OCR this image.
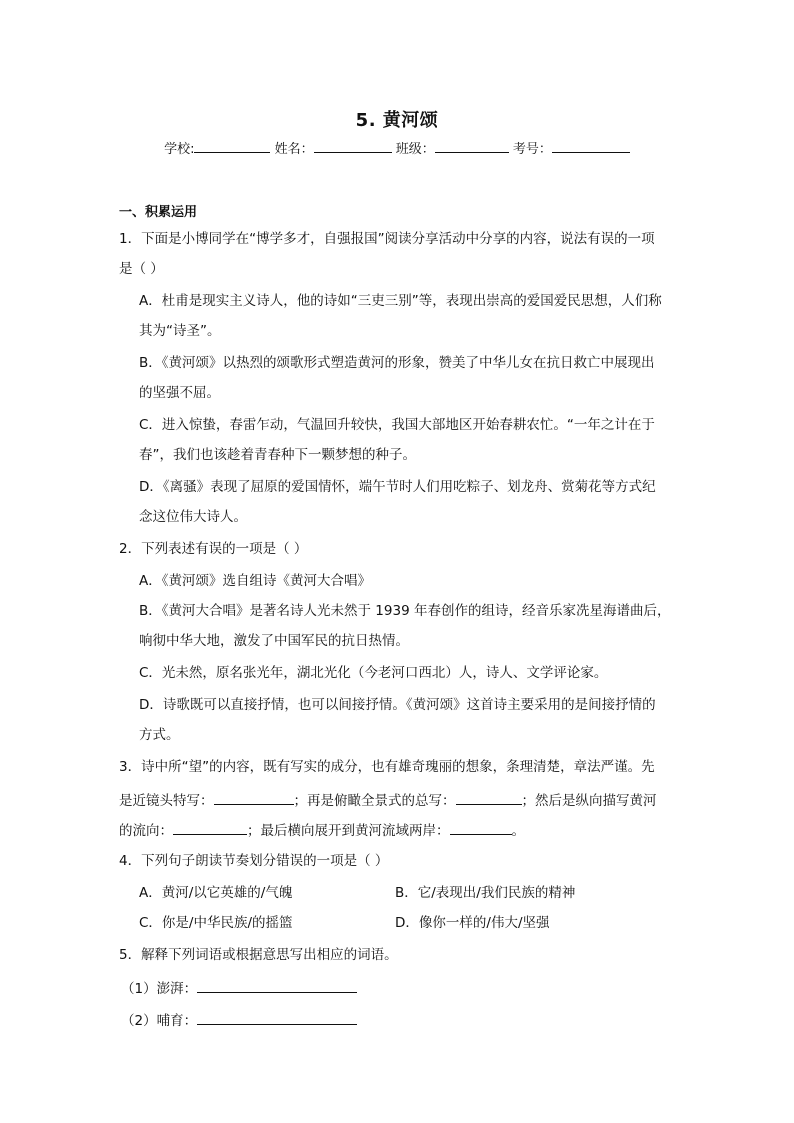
5. 黄河颂
学校:	姓名：	班级：	考号：
一、积累运用
1．下面是小博同学在“博学多才，自强报国”阅读分享活动中分享的内容，说法有误的一项
是（ ）
A．杜甫是现实主义诗人，他的诗如“三吏三别”等，表现出崇高的爱国爱民思想，人们称
其为“诗圣”。
B．《黄河颂》以热烈的颂歌形式塑造黄河的形象，赞美了中华儿女在抗日救亡中展现出
的坚强不屈。
C．进入惊蛰，春雷乍动，气温回升较快，我国大部地区开始春耕农忙。“一年之计在于
春”，我们也该趁着青春种下一颗梦想的种子。
D．《离骚》表现了屈原的爱国情怀，端午节时人们用吃粽子、划龙舟、赏菊花等方式纪
念这位伟大诗人。
2．下列表述有误的一项是（ ）
A．《黄河颂》选自组诗《黄河大合唱》
B．《黄河大合唱》是著名诗人光未然于 1939 年春创作的组诗，经音乐家冼星海谱曲后，
响彻中华大地，激发了中国军民的抗日热情。
C．光未然，原名张光年，湖北光化（今老河口西北）人，诗人、文学评论家。
D．诗歌既可以直接抒情，也可以间接抒情。《黄河颂》这首诗主要采用的是间接抒情的
方式。
3．诗中所“望”的内容，既有写实的成分，也有雄奇瑰丽的想象，条理清楚，章法严谨。先
是近镜头特写：	；再是俯瞰全景式的总写：	；然后是纵向描写黄河
的流向：	；最后横向展开到黄河流域两岸：	。
4．下列句子朗读节奏划分错误的一项是（ ）
A．黄河/以它英雄的/气魄	B．它/表现出/我们民族的精神
C．你是/中华民族/的摇篮	D．像你一样的/伟大/坚强
5．解释下列词语或根据意思写出相应的词语。
（1）澎湃：
（2）哺育：
